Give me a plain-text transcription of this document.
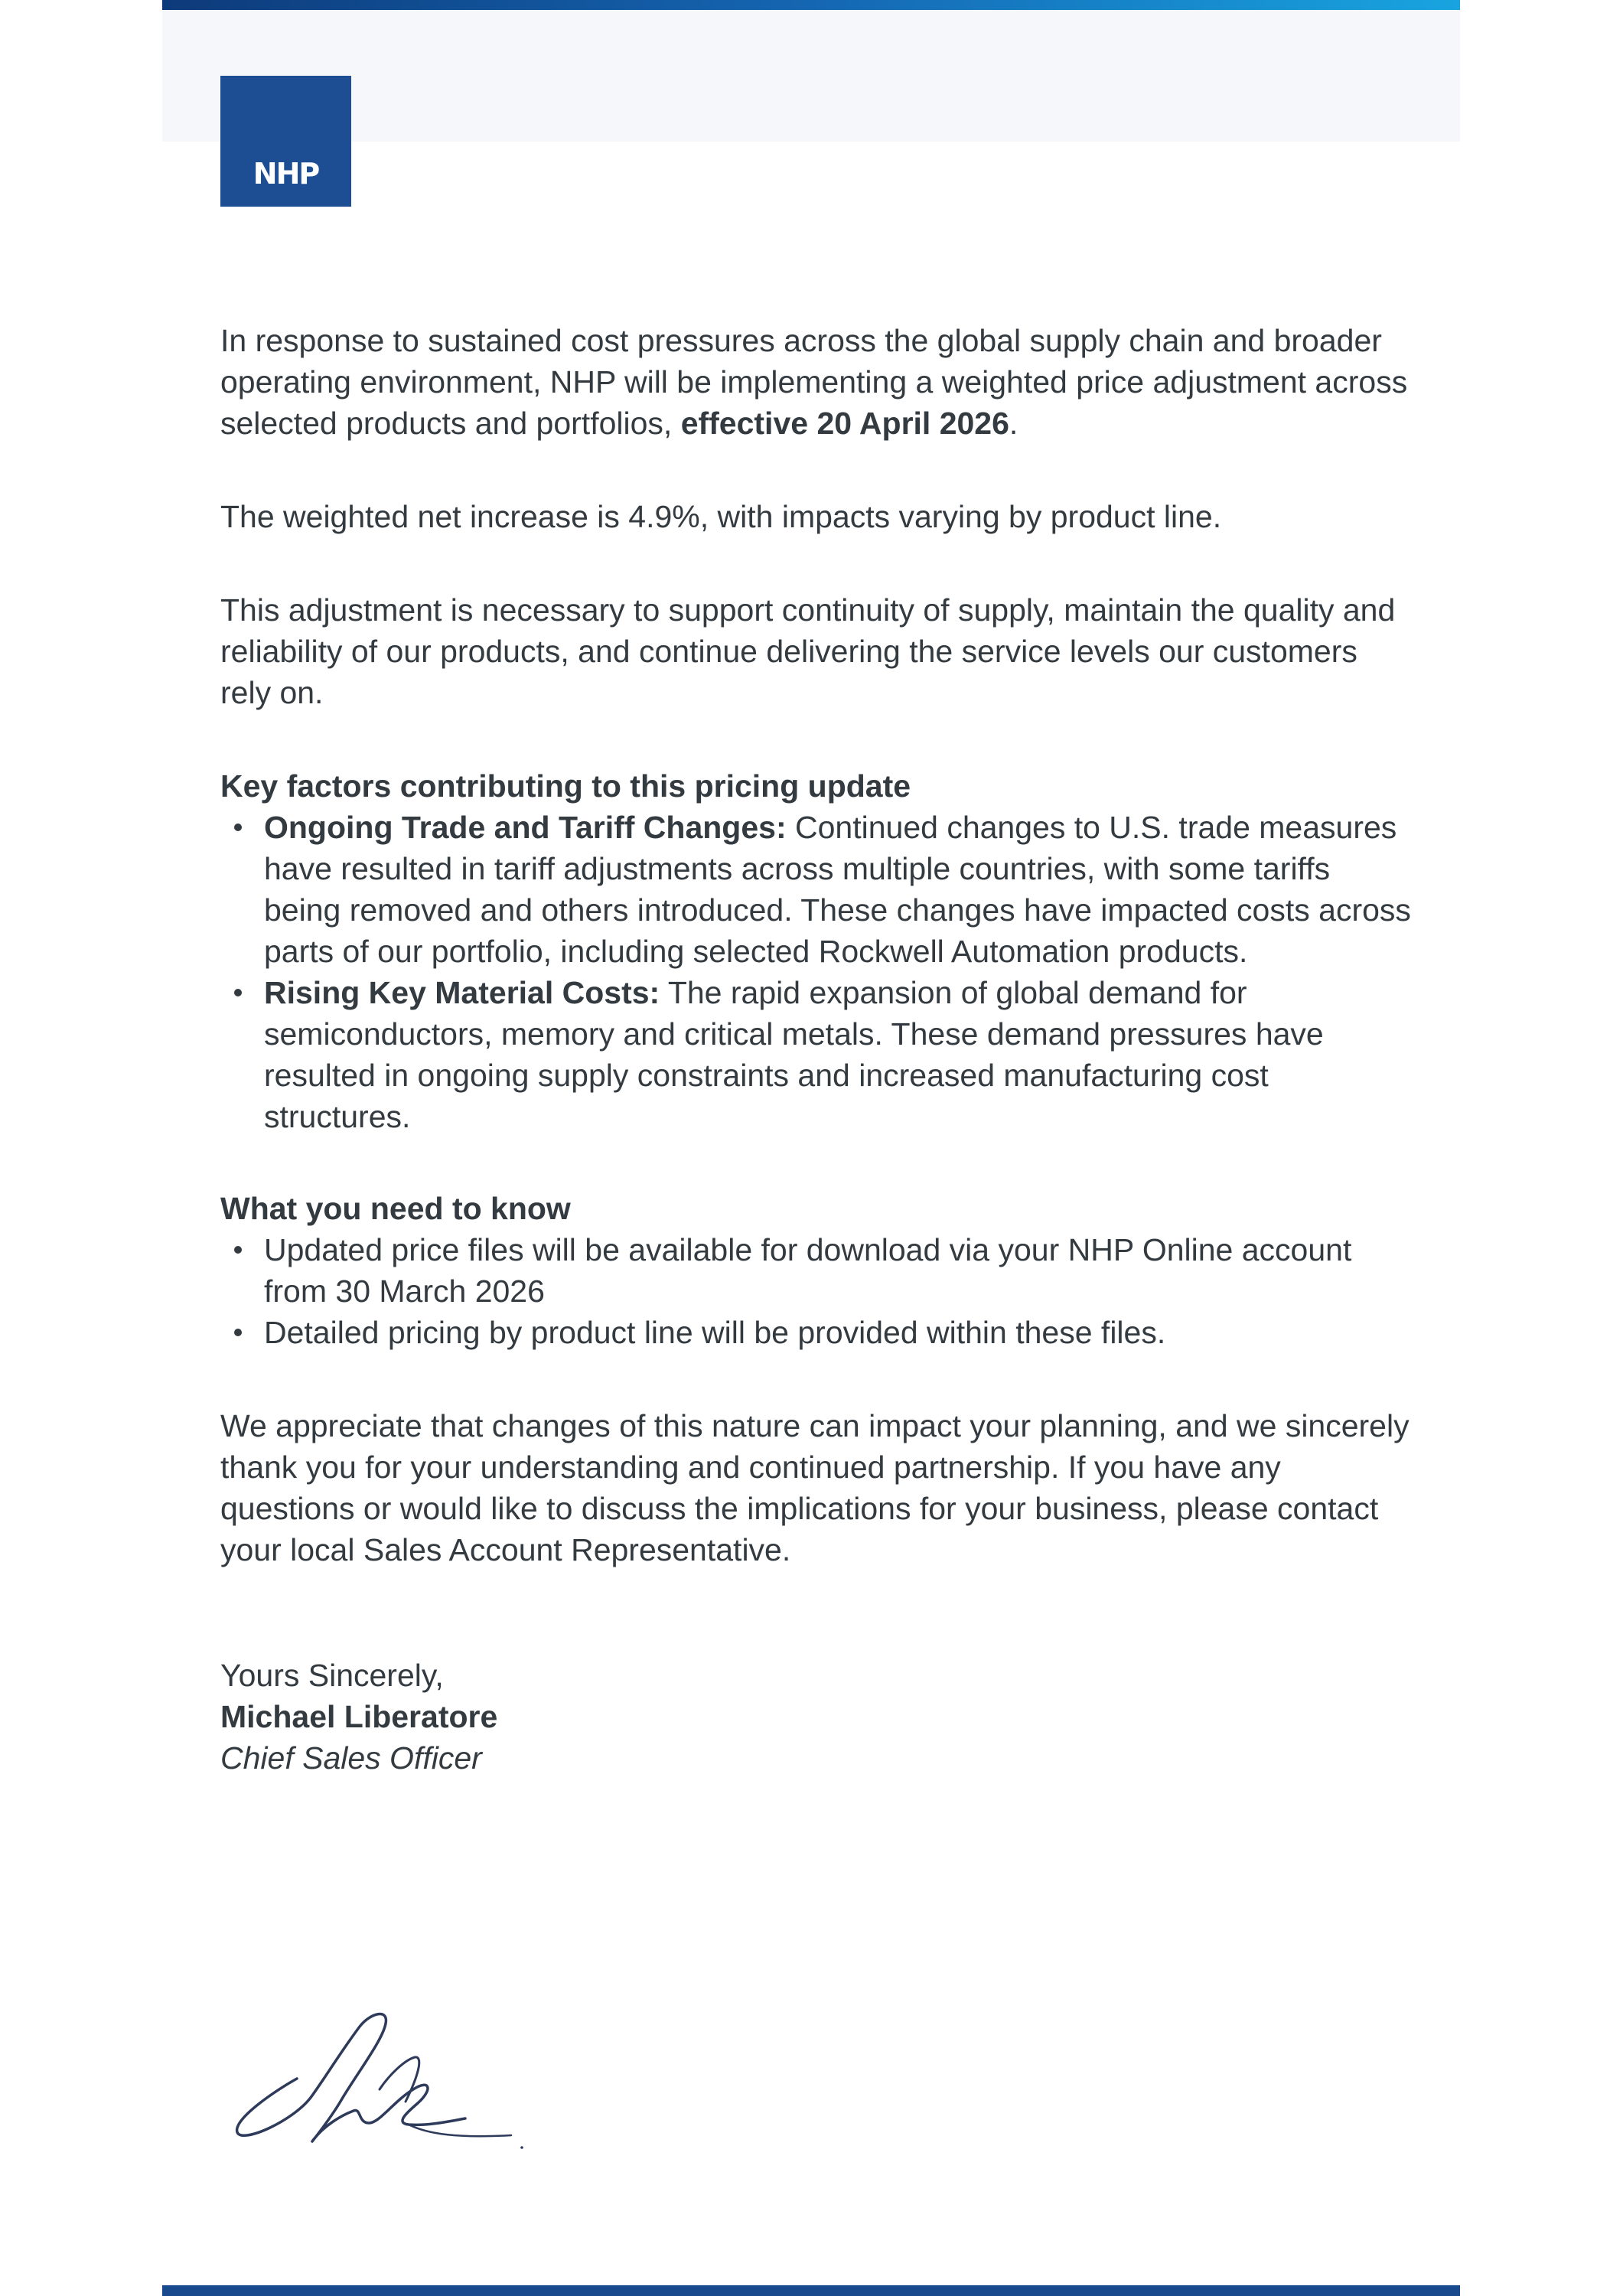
NHP

In response to sustained cost pressures across the global supply chain and broader operating environment, NHP will be implementing a weighted price adjustment across selected products and portfolios, effective 20 April 2026.

The weighted net increase is 4.9%, with impacts varying by product line.

This adjustment is necessary to support continuity of supply, maintain the quality and reliability of our products, and continue delivering the service levels our customers rely on.

Key factors contributing to this pricing update

Ongoing Trade and Tariff Changes: Continued changes to U.S. trade measures have resulted in tariff adjustments across multiple countries, with some tariffs being removed and others introduced. These changes have impacted costs across parts of our portfolio, including selected Rockwell Automation products.
Rising Key Material Costs: The rapid expansion of global demand for semiconductors, memory and critical metals. These demand pressures have resulted in ongoing supply constraints and increased manufacturing cost structures.

What you need to know

Updated price files will be available for download via your NHP Online account from 30 March 2026
Detailed pricing by product line will be provided within these files.

We appreciate that changes of this nature can impact your planning, and we sincerely thank you for your understanding and continued partnership. If you have any questions or would like to discuss the implications for your business, please contact your local Sales Account Representative.

Yours Sincerely,
Michael Liberatore
Chief Sales Officer
